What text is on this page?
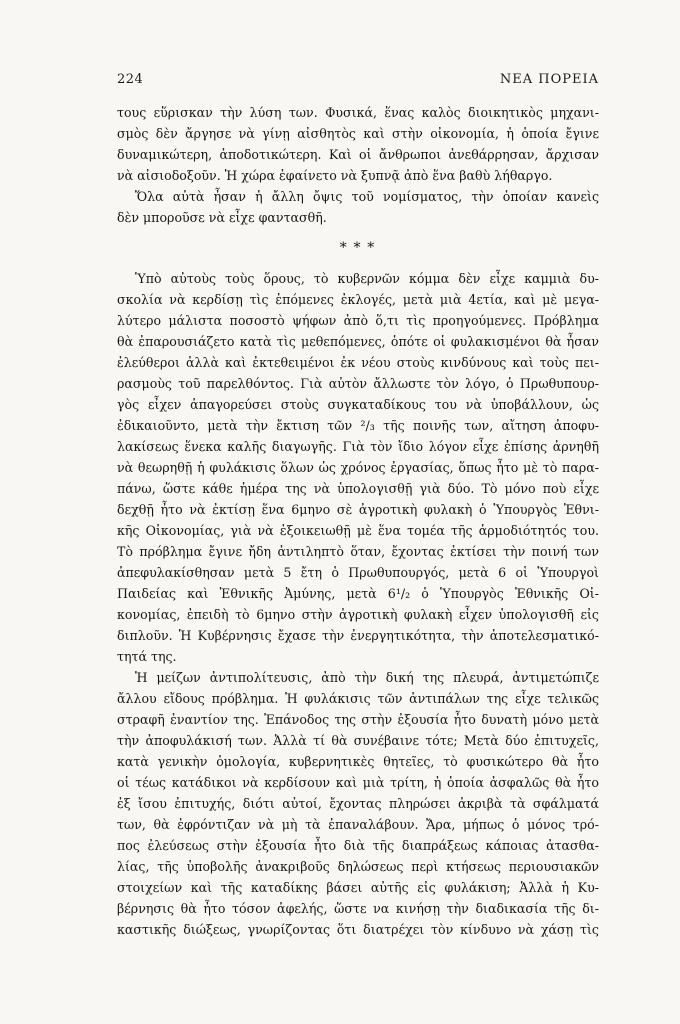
224	ΝΕΑ ΠΟΡΕΙΑ
τους εὕρισκαν τὴν λύση των. Φυσικά, ἕνας καλὸς διοικητικὸς μηχανι-
σμὸς δὲν ἄργησε νὰ γίνῃ αἰσθητὸς καὶ στὴν οἰκονομία, ἡ ὁποία ἔγινε
δυναμικώτερη, ἀποδοτικώτερη. Καὶ οἱ ἄνθρωποι ἀνεθάρρησαν, ἄρχισαν
νὰ αἰσιοδοξοῦν. Ἡ χώρα ἐφαίνετο νὰ ξυπνᾷ ἀπὸ ἕνα βαθὺ λήθαργο.
Ὅλα αὐτὰ ἦσαν ἡ ἄλλη ὄψις τοῦ νομίσματος, τὴν ὁποίαν κανεὶς
δὲν μποροῦσε νὰ εἶχε φαντασθῆ.
* * *
Ὑπὸ αὐτοὺς τοὺς ὅρους, τὸ κυβερνῶν κόμμα δὲν εἶχε καμμιὰ δυ-
σκολία νὰ κερδίσῃ τὶς ἑπόμενες ἐκλογές, μετὰ μιὰ 4ετία, καὶ μὲ μεγα-
λύτερο μάλιστα ποσοστὸ ψήφων ἀπὸ ὅ,τι τὶς προηγούμενες. Πρόβλημα
θὰ ἐπαρουσιάζετο κατὰ τὶς μεθεπόμενες, ὁπότε οἱ φυλακισμένοι θὰ ἦσαν
ἐλεύθεροι ἀλλὰ καὶ ἐκτεθειμένοι ἐκ νέου στοὺς κινδύνους καὶ τοὺς πει-
ρασμοὺς τοῦ παρελθόντος. Γιὰ αὐτὸν ἄλλωστε τὸν λόγο, ὁ Πρωθυπουρ-
γὸς εἶχεν ἀπαγορεύσει στοὺς συγκαταδίκους του νὰ ὑποβάλλουν, ὡς
ἐδικαιοῦντο, μετὰ τὴν ἔκτιση τῶν ²/₃ τῆς ποινῆς των, αἴτηση ἀποφυ-
λακίσεως ἕνεκα καλῆς διαγωγῆς. Γιὰ τὸν ἴδιο λόγον εἶχε ἐπίσης ἀρνηθῆ
νὰ θεωρηθῇ ἡ φυλάκισις ὅλων ὡς χρόνος ἐργασίας, ὅπως ἦτο μὲ τὸ παρα-
πάνω, ὥστε κάθε ἡμέρα της νὰ ὑπολογισθῇ γιὰ δύο. Τὸ μόνο ποὺ εἶχε
δεχθῇ ἦτο νὰ ἐκτίσῃ ἕνα 6μηνο σὲ ἀγροτικὴ φυλακὴ ὁ Ὑπουργὸς Ἐθνι-
κῆς Οἰκονομίας, γιὰ νὰ ἐξοικειωθῇ μὲ ἕνα τομέα τῆς ἁρμοδιότητός του.
Τὸ πρόβλημα ἔγινε ἤδη ἀντιληπτὸ ὅταν, ἔχοντας ἐκτίσει τὴν ποινή των
ἀπεφυλακίσθησαν μετὰ 5 ἔτη ὁ Πρωθυπουργός, μετὰ 6 οἱ Ὑπουργοὶ
Παιδείας καὶ Ἐθνικῆς Ἀμύνης, μετὰ 6¹/₂ ὁ Ὑπουργὸς Ἐθνικῆς Οἰ-
κονομίας, ἐπειδὴ τὸ 6μηνο στὴν ἀγροτικὴ φυλακὴ εἶχεν ὑπολογισθῆ εἰς
διπλοῦν. Ἡ Κυβέρνησις ἔχασε τὴν ἐνεργητικότητα, τὴν ἀποτελεσματικό-
τητά της.
Ἡ μείζων ἀντιπολίτευσις, ἀπὸ τὴν δική της πλευρά, ἀντιμετώπιζε
ἄλλου εἴδους πρόβλημα. Ἡ φυλάκισις τῶν ἀντιπάλων της εἶχε τελικῶς
στραφῆ ἐναντίον της. Ἐπάνοδος της στὴν ἐξουσία ἦτο δυνατὴ μόνο μετὰ
τὴν ἀποφυλάκισή των. Ἀλλὰ τί θὰ συνέβαινε τότε; Μετὰ δύο ἐπιτυχεῖς,
κατὰ γενικὴν ὁμολογία, κυβερνητικὲς θητεῖες, τὸ φυσικώτερο θὰ ἦτο
οἱ τέως κατάδικοι νὰ κερδίσουν καὶ μιὰ τρίτη, ἡ ὁποία ἀσφαλῶς θὰ ἦτο
ἐξ ἴσου ἐπιτυχής, διότι αὐτοί, ἔχοντας πληρώσει ἀκριβὰ τὰ σφάλματά
των, θὰ ἐφρόντιζαν νὰ μὴ τὰ ἐπαναλάβουν. Ἄρα, μήπως ὁ μόνος τρό-
πος ἐλεύσεως στὴν ἐξουσία ἦτο διὰ τῆς διαπράξεως κάποιας ἀτασθα-
λίας, τῆς ὑποβολῆς ἀνακριβοῦς δηλώσεως περὶ κτήσεως περιουσιακῶν
στοιχείων καὶ τῆς καταδίκης βάσει αὐτῆς εἰς φυλάκιση; Ἀλλὰ ἡ Κυ-
βέρνησις θὰ ἦτο τόσον ἀφελής, ὥστε να κινήσῃ τὴν διαδικασία τῆς δι-
καστικῆς διώξεως, γνωρίζοντας ὅτι διατρέχει τὸν κίνδυνο νὰ χάσῃ τὶς
